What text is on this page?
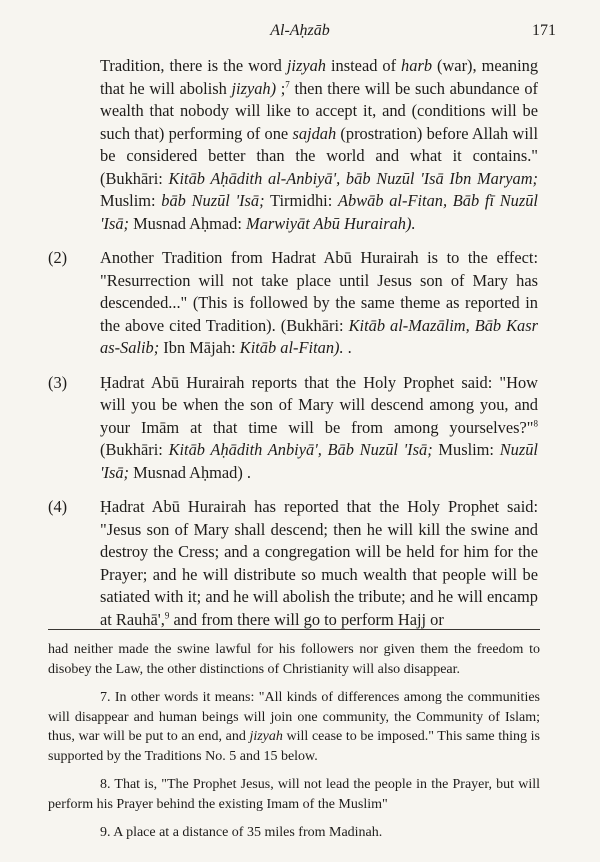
Al-Aḥzāb	171

Tradition, there is the word jizyah instead of harb (war), meaning that he will abolish jizyah) ;$^7$ then there will be such abundance of wealth that nobody will like to accept it, and (conditions will be such that) performing of one sajdah (prostration) before Allah will be considered better than the world and what it contains." (Bukhāri: Kitāb Aḥādith al-Anbiyā', bāb Nuzūl 'Isā Ibn Maryam; Muslim: bāb Nuzūl 'Isā; Tirmidhi: Abwāb al-Fitan, Bāb fī Nuzūl 'Isā; Musnad Aḥmad: Marwiyāt Abū Hurairah).

(2) Another Tradition from Hadrat Abū Hurairah is to the effect: "Resurrection will not take place until Jesus son of Mary has descended..." (This is followed by the same theme as reported in the above cited Tradition). (Bukhāri: Kitāb al-Mazālim, Bāb Kasr as-Salib; Ibn Mājah: Kitāb al-Fitan). .

(3) Ḥadrat Abū Hurairah reports that the Holy Prophet said: "How will you be when the son of Mary will descend among you, and your Imām at that time will be from among yourselves?"$^8$ (Bukhāri: Kitāb Aḥādith Anbiyā', Bāb Nuzūl 'Isā; Muslim: Nuzūl 'Isā; Musnad Aḥmad) .

(4) Ḥadrat Abū Hurairah has reported that the Holy Prophet said: "Jesus son of Mary shall descend; then he will kill the swine and destroy the Cress; and a congregation will be held for him for the Prayer; and he will distribute so much wealth that people will be satiated with it; and he will abolish the tribute; and he will encamp at Rauhā',$^9$ and from there will go to perform Hajj or

had neither made the swine lawful for his followers nor given them the freedom to disobey the Law, the other distinctions of Christianity will also disappear.

7. In other words it means: "All kinds of differences among the communities will disappear and human beings will join one community, the Community of Islam; thus, war will be put to an end, and jizyah will cease to be imposed." This same thing is supported by the Traditions No. 5 and 15 below.

8. That is, "The Prophet Jesus, will not lead the people in the Prayer, but will perform his Prayer behind the existing Imam of the Muslim"

9. A place at a distance of 35 miles from Madinah.
